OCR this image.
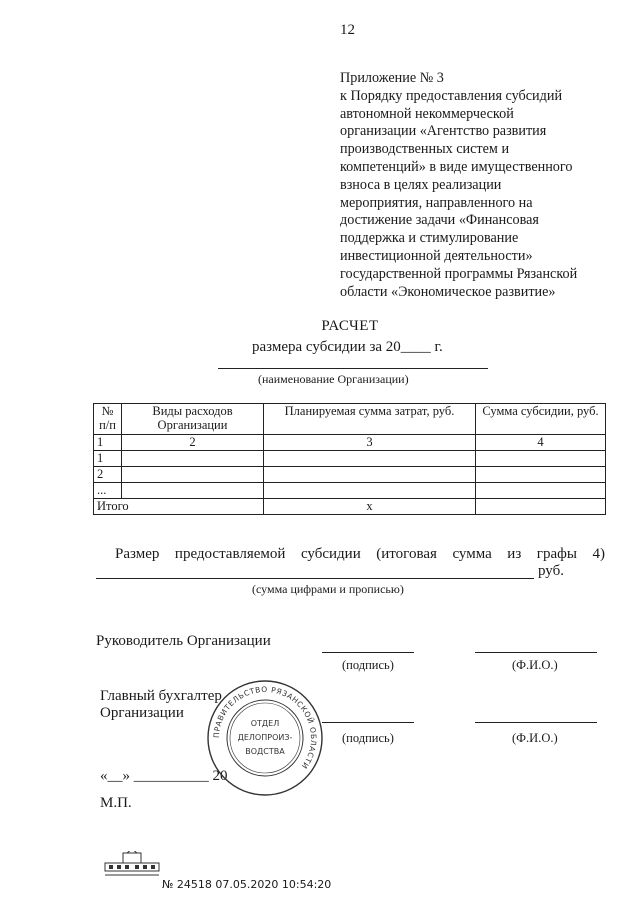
12
Приложение № 3
к Порядку предоставления субсидий
автономной некоммерческой
организации «Агентство развития
производственных систем и
компетенций» в виде имущественного
взноса в целях реализации
мероприятия, направленного на
достижение задачи «Финансовая
поддержка и стимулирование
инвестиционной деятельности»
государственной программы Рязанской
области «Экономическое развитие»
РАСЧЕТ
размера субсидии за 20____ г.
(наименование Организации)
№ п/п	Виды расходов Организации	Планируемая сумма затрат, руб.	Сумма субсидии, руб.
1	2	3	4
1			
2			
...			
Итого		х	
Размер предоставляемой субсидии (итоговая сумма из графы 4)
руб.
(сумма цифрами и прописью)
Руководитель Организации
(подпись)	(Ф.И.О.)
Главный бухгалтер
Организации
(подпись)	(Ф.И.О.)
«__» __________ 20
М.П.
ПРАВИТЕЛЬСТВО РЯЗАНСКОЙ ОБЛАСТИ
ОТДЕЛ
ДЕЛОПРОИЗ-
ВОДСТВА
№ 24518 07.05.2020 10:54:20
